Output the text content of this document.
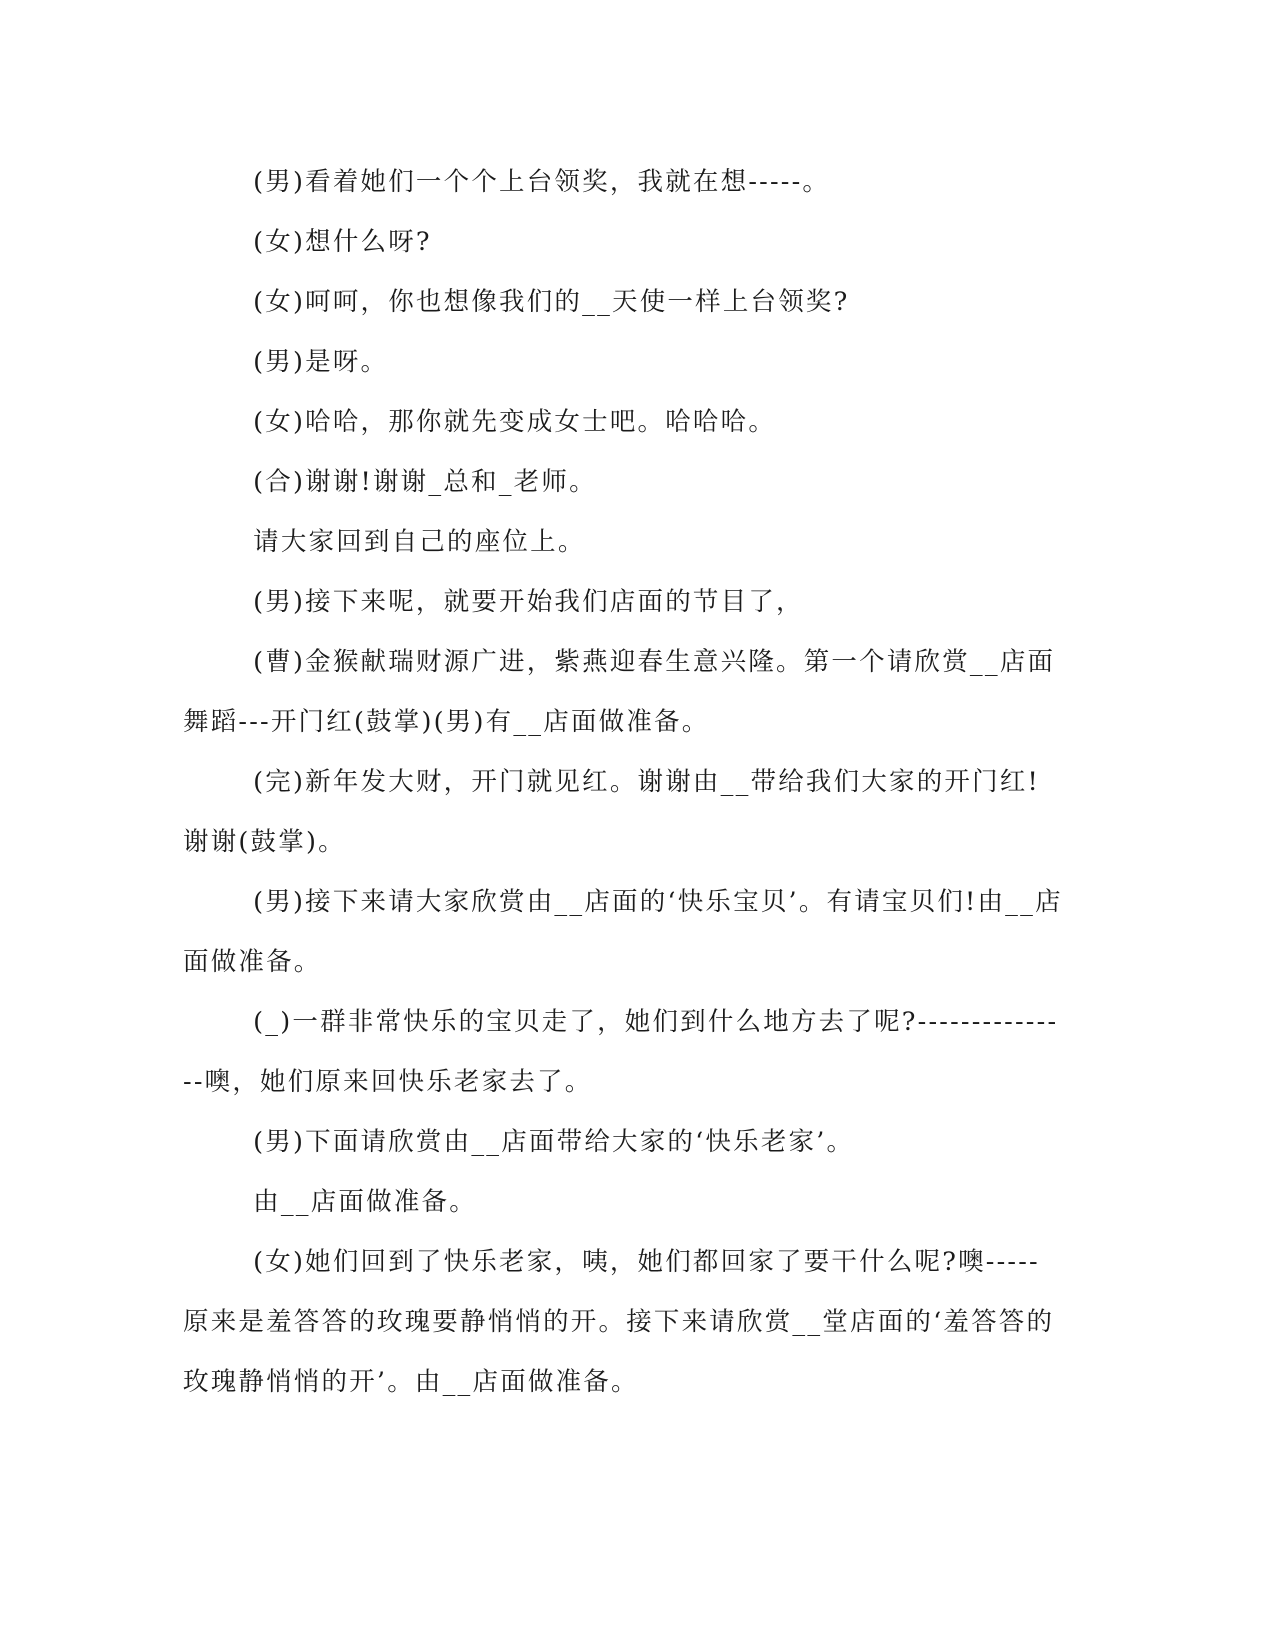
(男)看着她们一个个上台领奖，我就在想-----。

(女)想什么呀?

(女)呵呵，你也想像我们的__天使一样上台领奖?

(男)是呀。

(女)哈哈，那你就先变成女士吧。哈哈哈。

(合)谢谢!谢谢_总和_老师。

请大家回到自己的座位上。

(男)接下来呢，就要开始我们店面的节目了，

(曹)金猴献瑞财源广进，紫燕迎春生意兴隆。第一个请欣赏__店面舞蹈---开门红(鼓掌)(男)有__店面做准备。

(完)新年发大财，开门就见红。谢谢由__带给我们大家的开门红!谢谢(鼓掌)。

(男)接下来请大家欣赏由__店面的‘快乐宝贝’。有请宝贝们!由__店面做准备。

(_)一群非常快乐的宝贝走了，她们到什么地方去了呢?---------------噢，她们原来回快乐老家去了。

(男)下面请欣赏由__店面带给大家的‘快乐老家’。

由__店面做准备。

(女)她们回到了快乐老家，咦，她们都回家了要干什么呢?噢-----原来是羞答答的玫瑰要静悄悄的开。接下来请欣赏__堂店面的‘羞答答的玫瑰静悄悄的开’。由__店面做准备。
